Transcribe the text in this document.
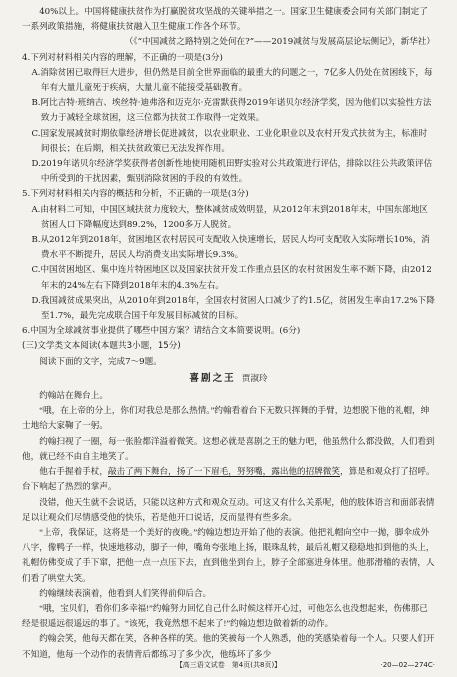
40%以上。中国将健康扶贫作为打赢脱贫攻坚战的关键举措之一。国家卫生健康委会同有关部门制定了一系列政策措施，将健康扶贫融入卫生健康工作各个环节。

（《“中国减贫之路特别之处何在?”——2019减贫与发展高层论坛侧记》，新华社）

4.下列对材料相关内容的理解，不正确的一项是(3分)

A.消除贫困已取得巨大进步，但仍然是目前全世界面临的最重大的问题之一，7亿多人仍处在贫困线下，每年有大量儿童死于疾病，大量儿童不能接受基础教育。

B.阿比吉特·班纳吉、埃丝特·迪弗洛和迈克尔·克雷默获得2019年诺贝尔经济学奖，因为他们以实验性方法致力于减轻全球贫困，这三位都为扶贫工作取得一定效果。

C.国家发展减贫时期依靠经济增长促进减贫，以农业职业、工业化职业以及农村开发式扶贫为主，标准时间很长；在后期，相关扶贫政策已无法发挥作用。

D.2019年诺贝尔经济学奖获得者创新性地使用随机田野实验对公共政策进行评估，排除以往公共政策评估中所受到的干扰因素，甄别消除贫困的手段的有效性。

5.下列对材料相关内容的概括和分析，不正确的一项是(3分)

A.由材料二可知，中国区域扶贫力度较大，整体减贫成效明显，从2012年末到2018年末，中国东部地区贫困人口下降幅度达到89.2%，1200多万人脱贫。

B.从2012年到2018年，贫困地区农村居民可支配收入快速增长，居民人均可支配收入实际增长10%，消费水平不断提升，居民人均消费支出实际增长9.3%。

C.中国贫困地区、集中连片特困地区以及国家扶贫开发工作重点县区的农村贫困发生率不断下降，由2012年末的24%左右下降到2018年末的4.3%左右。

D.我国减贫成果突出，从2010年到2018年，全国农村贫困人口减少了约1.5亿，贫困发生率由17.2%下降至1.7%，最先完成联合国千年发展目标减贫的目标。

6.中国为全球减贫事业提供了哪些中国方案？请结合文本简要说明。(6分)

(三)文学类文本阅读(本题共3小题，15分)

阅读下面的文字，完成7～9题。

喜剧之王 贾淑玲

约翰站在舞台上。

“哦，在上帝的分上，你们对我总是那么热情。”约翰看着台下无数只挥舞的手臂，边想脱下他的礼帽，绅士地给大家鞠了一躬。

约翰扫视了一圈，每一张脸都洋溢着微笑。这想必就是喜剧之王的魅力吧，他虽然什么都没做，人们看到他，就已经不由自主地笑了。

他右手握着手杖，敲击了两下舞台，扬了一下眉毛，努努嘴，露出他的招牌微笑，算是和观众打了招呼。台下响起了热烈的掌声。

没错，他天生就不会说话，只能以这种方式和观众互动。可这又有什么关系呢，他的肢体语言和面部表情足以让观众们尽情感受他的快乐，若是他开口说话，反而显得有些多余。

“上帝，我保证，这将是一个美好的夜晚。”约翰边想边开始了他的表演。他把礼帽向空中一抛，脚伞成外八字，像鸭子一样，快速地移动，脚子一伸，嘴角夸张地上扬，眼珠乱转，最后礼帽又稳稳地扣到他的头上，礼帽仿佛变成了手下窜，把他一点一点压下去，直到他坐到台上，脖子全部塞进身体里。他那滑稽的表情，人们看了哄堂大笑。

约翰继续表演着，他看到人们笑得前仰后合。

“哦，宝贝们，看你们多幸福!”约翰努力回忆自己什么时候这样开心过，可他怎么也没想起来，伤佛那已经是很遥远很遥远的事了。“该死，我竟然想不起来了!”约翰边想边做着新的动作。

约翰会笑，他每天都在笑，各种各样的笑。他的笑被每一个人熟悉，他的笑感染着每一个人。只要人们开不知道，他每一个动作的表情背后都练习了多少次，他练坏了多少

【高三语文试卷　第4页(共8页)】	·20—02—274C·
